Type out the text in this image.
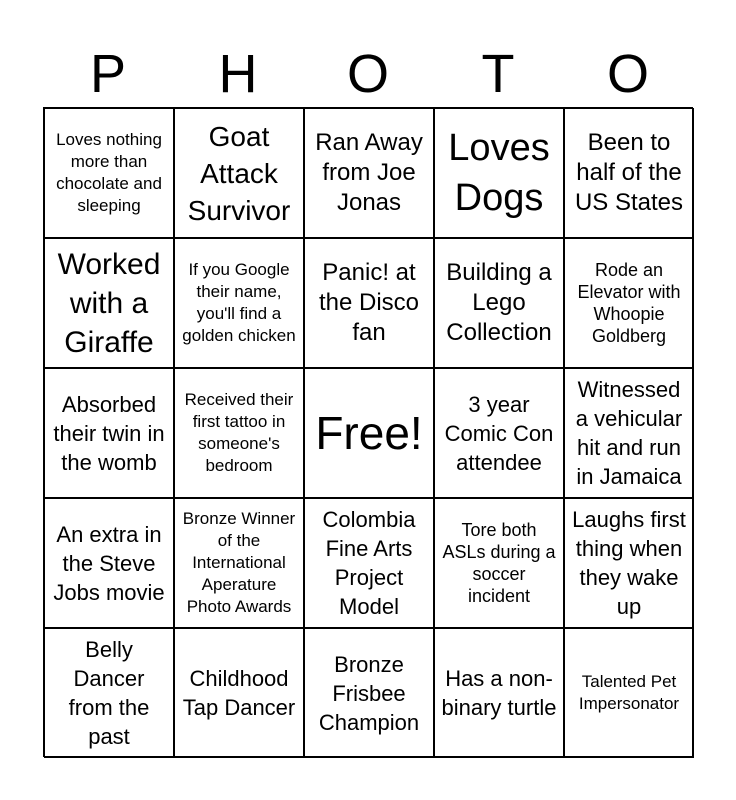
P	H	O	T	O
Loves nothing more than chocolate and sleeping
Goat Attack Survivor
Ran Away from Joe Jonas
Loves Dogs
Been to half of the US States
Worked with a Giraffe
If you Google their name, you'll find a golden chicken
Panic! at the Disco fan
Building a Lego Collection
Rode an Elevator with Whoopie Goldberg
Absorbed their twin in the womb
Received their first tattoo in someone's bedroom
Free!
3 year Comic Con attendee
Witnessed a vehicular hit and run in Jamaica
An extra in the Steve Jobs movie
Bronze Winner of the International Aperature Photo Awards
Colombia Fine Arts Project Model
Tore both ASLs during a soccer incident
Laughs first thing when they wake up
Belly Dancer from the past
Childhood Tap Dancer
Bronze Frisbee Champion
Has a non-binary turtle
Talented Pet Impersonator
